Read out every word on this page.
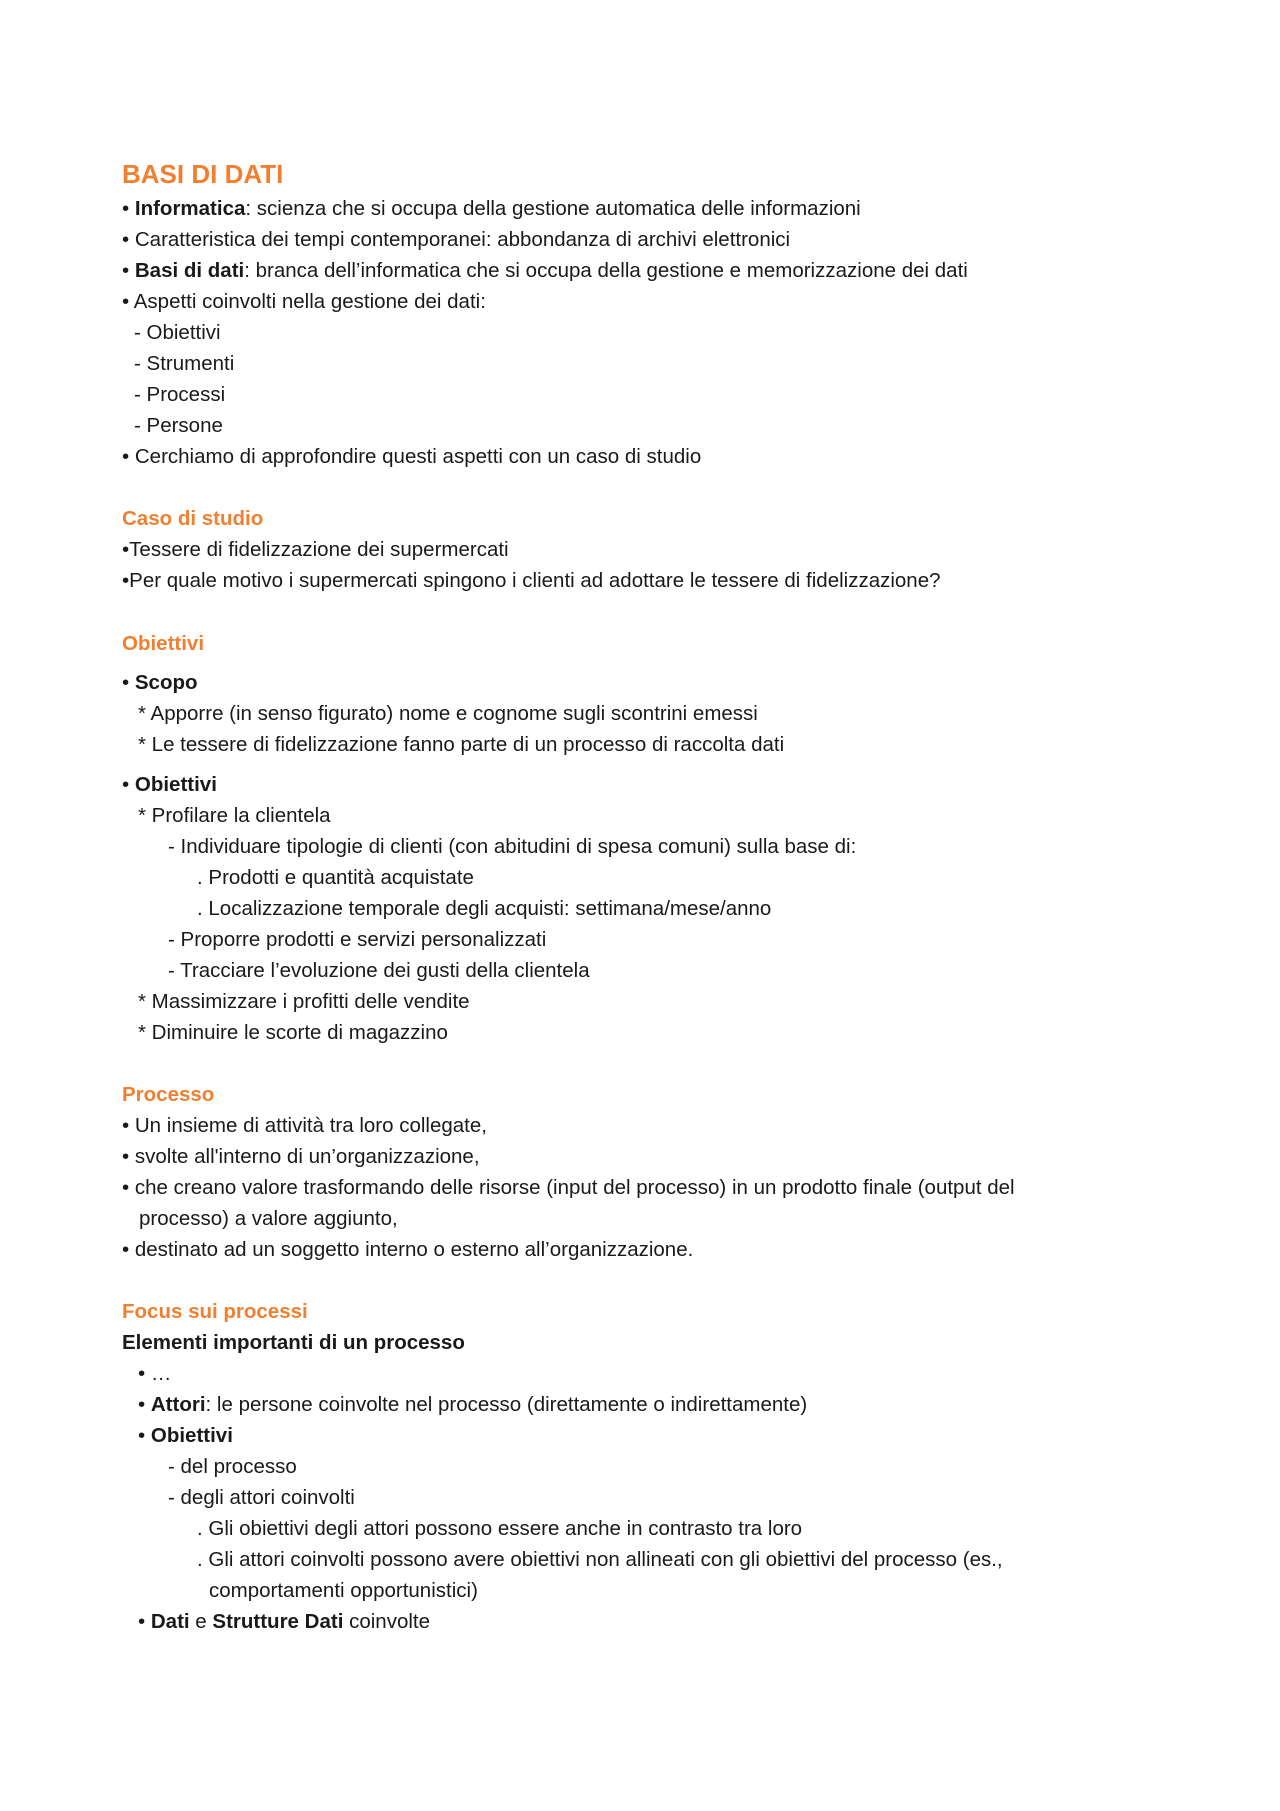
BASI DI DATI
• Informatica: scienza che si occupa della gestione automatica delle informazioni
• Caratteristica dei tempi contemporanei: abbondanza di archivi elettronici
• Basi di dati: branca dell’informatica che si occupa della gestione e memorizzazione dei dati
• Aspetti coinvolti nella gestione dei dati:
- Obiettivi
- Strumenti
- Processi
- Persone
• Cerchiamo di approfondire questi aspetti con un caso di studio
Caso di studio
•Tessere di fidelizzazione dei supermercati
•Per quale motivo i supermercati spingono i clienti ad adottare le tessere di fidelizzazione?
Obiettivi
• Scopo
* Apporre (in senso figurato) nome e cognome sugli scontrini emessi
* Le tessere di fidelizzazione fanno parte di un processo di raccolta dati
• Obiettivi
* Profilare la clientela
- Individuare tipologie di clienti (con abitudini di spesa comuni) sulla base di:
. Prodotti e quantità acquistate
. Localizzazione temporale degli acquisti: settimana/mese/anno
- Proporre prodotti e servizi personalizzati
- Tracciare l’evoluzione dei gusti della clientela
* Massimizzare i profitti delle vendite
* Diminuire le scorte di magazzino
Processo
• Un insieme di attività tra loro collegate,
• svolte all'interno di un’organizzazione,
• che creano valore trasformando delle risorse (input del processo) in un prodotto finale (output del
processo) a valore aggiunto,
• destinato ad un soggetto interno o esterno all’organizzazione.
Focus sui processi
Elementi importanti di un processo
• …
• Attori: le persone coinvolte nel processo (direttamente o indirettamente)
• Obiettivi
- del processo
- degli attori coinvolti
. Gli obiettivi degli attori possono essere anche in contrasto tra loro
. Gli attori coinvolti possono avere obiettivi non allineati con gli obiettivi del processo (es.,
comportamenti opportunistici)
• Dati e Strutture Dati coinvolte
